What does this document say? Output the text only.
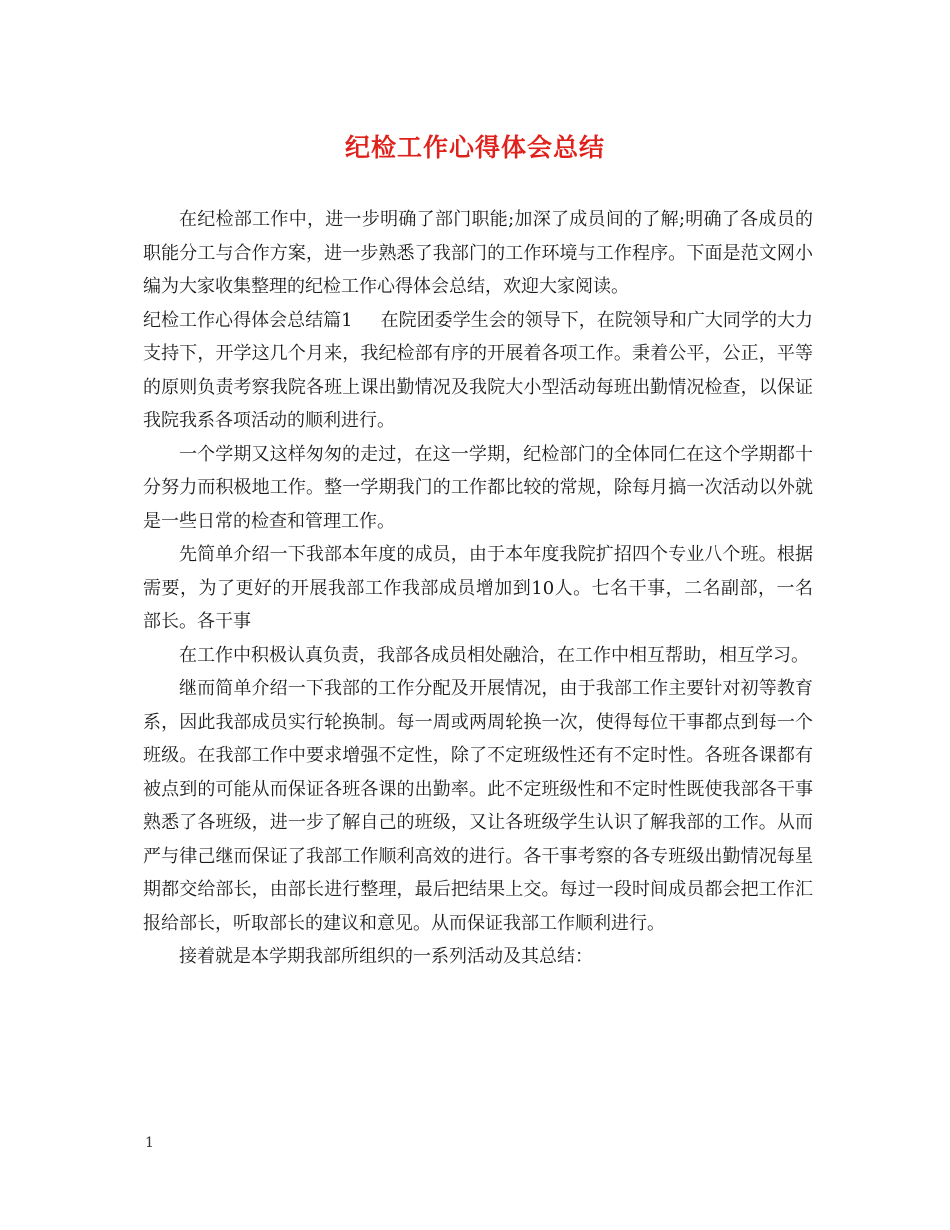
纪检工作心得体会总结

在纪检部工作中，进一步明确了部门职能;加深了成员间的了解;明确了各成员的职能分工与合作方案，进一步熟悉了我部门的工作环境与工作程序。下面是范文网小编为大家收集整理的纪检工作心得体会总结，欢迎大家阅读。

纪检工作心得体会总结篇1 在院团委学生会的领导下，在院领导和广大同学的大力支持下，开学这几个月来，我纪检部有序的开展着各项工作。秉着公平，公正，平等的原则负责考察我院各班上课出勤情况及我院大小型活动每班出勤情况检查，以保证我院我系各项活动的顺利进行。

一个学期又这样匆匆的走过，在这一学期，纪检部门的全体同仁在这个学期都十分努力而积极地工作。整一学期我门的工作都比较的常规，除每月搞一次活动以外就是一些日常的检查和管理工作。

先简单介绍一下我部本年度的成员，由于本年度我院扩招四个专业八个班。根据需要，为了更好的开展我部工作我部成员增加到10人。七名干事，二名副部，一名部长。各干事

在工作中积极认真负责，我部各成员相处融洽，在工作中相互帮助，相互学习。

继而简单介绍一下我部的工作分配及开展情况，由于我部工作主要针对初等教育系，因此我部成员实行轮换制。每一周或两周轮换一次，使得每位干事都点到每一个班级。在我部工作中要求增强不定性，除了不定班级性还有不定时性。各班各课都有被点到的可能从而保证各班各课的出勤率。此不定班级性和不定时性既使我部各干事熟悉了各班级，进一步了解自己的班级，又让各班级学生认识了解我部的工作。从而严与律己继而保证了我部工作顺利高效的进行。各干事考察的各专班级出勤情况每星期都交给部长，由部长进行整理，最后把结果上交。每过一段时间成员都会把工作汇报给部长，听取部长的建议和意见。从而保证我部工作顺利进行。

接着就是本学期我部所组织的一系列活动及其总结：

1
